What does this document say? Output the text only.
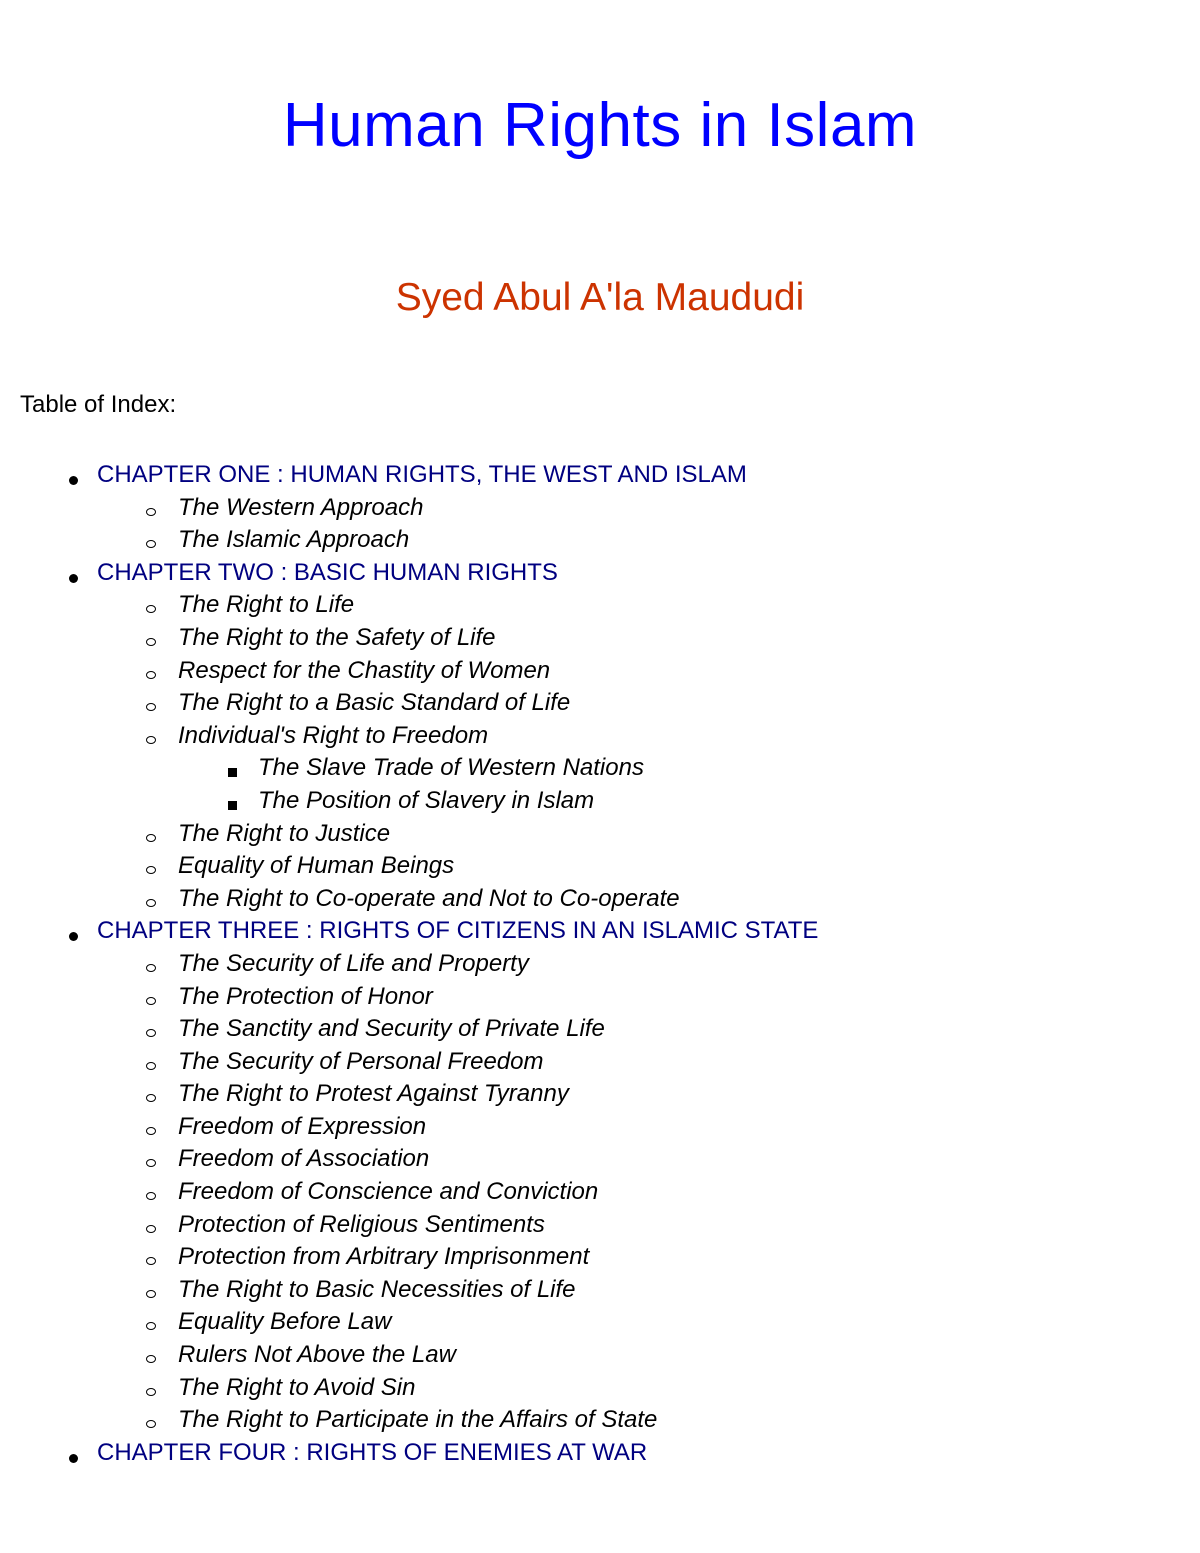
Human Rights in Islam
Syed Abul A'la Maududi
Table of Index:
CHAPTER ONE : HUMAN RIGHTS, THE WEST AND ISLAM
The Western Approach
The Islamic Approach
CHAPTER TWO : BASIC HUMAN RIGHTS
The Right to Life
The Right to the Safety of Life
Respect for the Chastity of Women
The Right to a Basic Standard of Life
Individual's Right to Freedom
The Slave Trade of Western Nations
The Position of Slavery in Islam
The Right to Justice
Equality of Human Beings
The Right to Co-operate and Not to Co-operate
CHAPTER THREE : RIGHTS OF CITIZENS IN AN ISLAMIC STATE
The Security of Life and Property
The Protection of Honor
The Sanctity and Security of Private Life
The Security of Personal Freedom
The Right to Protest Against Tyranny
Freedom of Expression
Freedom of Association
Freedom of Conscience and Conviction
Protection of Religious Sentiments
Protection from Arbitrary Imprisonment
The Right to Basic Necessities of Life
Equality Before Law
Rulers Not Above the Law
The Right to Avoid Sin
The Right to Participate in the Affairs of State
CHAPTER FOUR : RIGHTS OF ENEMIES AT WAR
